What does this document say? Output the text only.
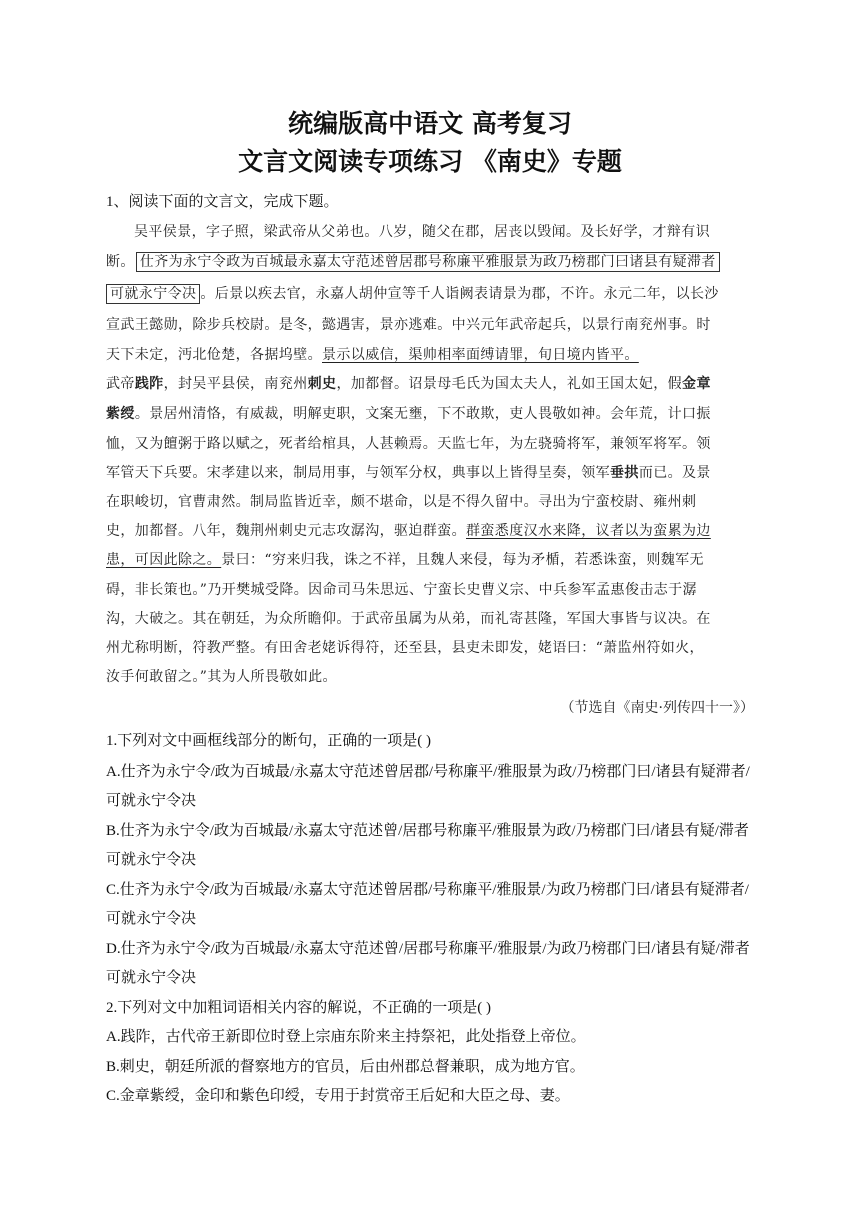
统编版高中语文 高考复习
文言文阅读专项练习 《南史》专题
1、阅读下面的文言文，完成下题。
吴平侯景，字子照，梁武帝从父弟也。八岁，随父在郡，居丧以毁闻。及长好学，才辩有识
断。 仕齐为永宁令政为百城最永嘉太守范述曾居郡号称廉平雅服景为政乃榜郡门曰诸县有疑滞者
可就永宁令决 。后景以疾去官，永嘉人胡仲宣等千人诣阙表请景为郡，不许。永元二年，以长沙
宣武王懿勋，除步兵校尉。是冬，懿遇害，景亦逃难。中兴元年武帝起兵，以景行南兖州事。时
天下未定，沔北伧楚，各据坞壁。景示以威信，渠帅相率面缚请罪，旬日境内皆平。
武帝践阼，封吴平县侯，南兖州刺史，加都督。诏景母毛氏为国太夫人，礼如王国太妃，假金章
紫绶。景居州清恪，有威裁，明解吏职，文案无壅，下不敢欺，吏人畏敬如神。会年荒，计口振
恤，又为饘粥于路以赋之，死者给棺具，人甚赖焉。天监七年，为左骁骑将军，兼领军将军。领
军管天下兵要。宋孝建以来，制局用事，与领军分权，典事以上皆得呈奏，领军垂拱而已。及景
在职峻切，官曹肃然。制局监皆近幸，颇不堪命，以是不得久留中。寻出为宁蛮校尉、雍州刺
史，加都督。八年，魏荆州刺史元志攻潺沟，驱迫群蛮。群蛮悉度汉水来降，议者以为蛮累为边
患，可因此除之。景曰：“穷来归我，诛之不祥，且魏人来侵，每为矛楯，若悉诛蛮，则魏军无
碍，非长策也。”乃开樊城受降。因命司马朱思远、宁蛮长史曹义宗、中兵参军孟惠俊击志于潺
沟，大破之。其在朝廷，为众所瞻仰。于武帝虽属为从弟，而礼寄甚隆，军国大事皆与议决。在
州尤称明断，符教严整。有田舍老姥诉得符，还至县，县吏未即发，姥语曰：“萧监州符如火，
汝手何敢留之。”其为人所畏敬如此。
（节选自《南史·列传四十一》）
1.下列对文中画框线部分的断句，正确的一项是( )
A.仕齐为永宁令/政为百城最/永嘉太守范述曾居郡/号称廉平/雅服景为政/乃榜郡门曰/诸县有疑滞者/
可就永宁令决
B.仕齐为永宁令/政为百城最/永嘉太守范述曾/居郡号称廉平/雅服景为政/乃榜郡门曰/诸县有疑/滞者
可就永宁令决
C.仕齐为永宁令/政为百城最/永嘉太守范述曾居郡/号称廉平/雅服景/为政乃榜郡门曰/诸县有疑滞者/
可就永宁令决
D.仕齐为永宁令/政为百城最/永嘉太守范述曾/居郡号称廉平/雅服景/为政乃榜郡门曰/诸县有疑/滞者
可就永宁令决
2.下列对文中加粗词语相关内容的解说，不正确的一项是( )
A.践阼，古代帝王新即位时登上宗庙东阶来主持祭祀，此处指登上帝位。
B.刺史，朝廷所派的督察地方的官员，后由州郡总督兼职，成为地方官。
C.金章紫绶，金印和紫色印绶，专用于封赏帝王后妃和大臣之母、妻。
